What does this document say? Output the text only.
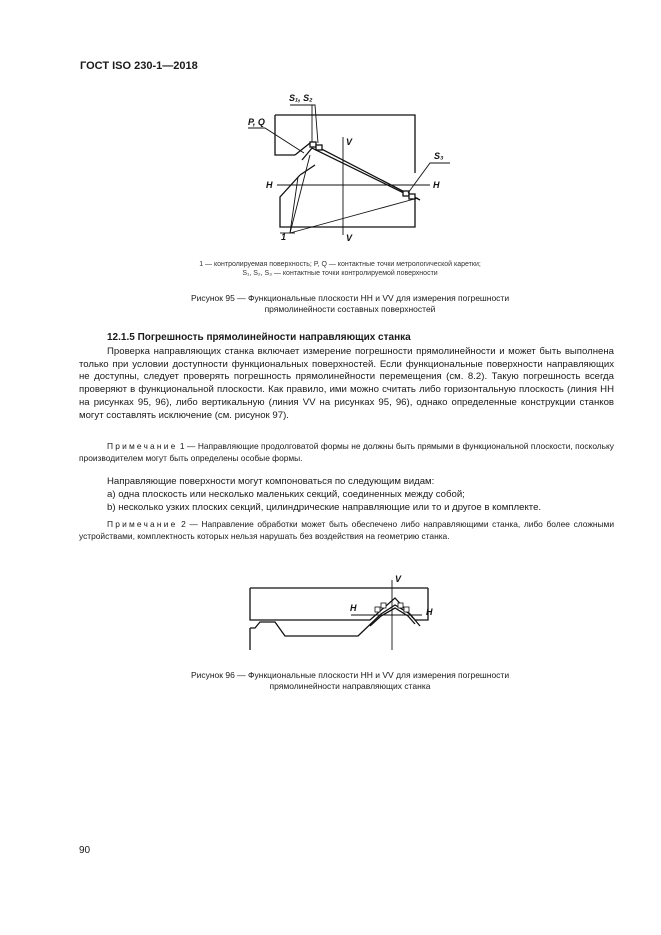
ГОСТ ISO 230-1—2018
S₁, S₂
P, Q
V
S₃
H	H
1	V
1 — контролируемая поверхность; P, Q — контактные точки метрологической каретки;
S₁, S₂, S₃ — контактные точки контролируемой поверхности
Рисунок 95 — Функциональные плоскости HH и VV для измерения погрешности
прямолинейности составных поверхностей
12.1.5 Погрешность прямолинейности направляющих станка
Проверка направляющих станка включает измерение погрешности прямолинейности и может быть выполнена только при условии доступности функциональных поверхностей. Если функциональные поверхности направляющих не доступны, следует проверять погрешность прямолинейности перемещения (см. 8.2). Такую погрешность всегда проверяют в функциональной плоскости. Как правило, ими можно считать либо горизонтальную плоскость (линия HH на рисунках 95, 96), либо вертикальную (линия VV на рисунках 95, 96), однако определенные конструкции станков могут составлять исключение (см. рисунок 97).
Примечание 1 — Направляющие продолговатой формы не должны быть прямыми в функциональной плоскости, поскольку производителем могут быть определены особые формы.
Направляющие поверхности могут компоноваться по следующим видам:
a) одна плоскость или несколько маленьких секций, соединенных между собой;
b) несколько узких плоских секций, цилиндрические направляющие или то и другое в комплекте.
Примечание 2 — Направление обработки может быть обеспечено либо направляющими станка, либо более сложными устройствами, комплектность которых нельзя нарушать без воздействия на геометрию станка.
V
H	H
Рисунок 96 — Функциональные плоскости HH и VV для измерения погрешности
прямолинейности направляющих станка
90
